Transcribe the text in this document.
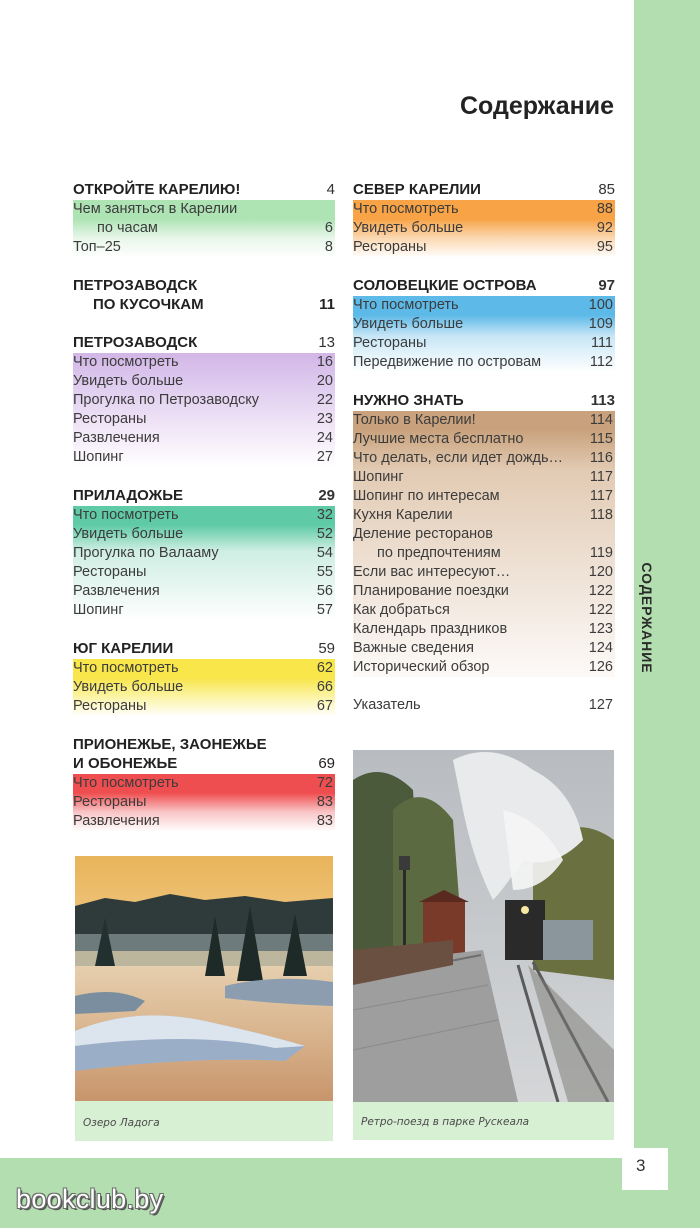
СОДЕРЖАНИЕ
3
bookclub.by
Содержание
ОТКРОЙТЕ КАРЕЛИЮ!	4
Чем заняться в Карелии
по часам	6
Топ–25	8
ПЕТРОЗАВОДСК
ПО КУСОЧКАМ	11
ПЕТРОЗАВОДСК	13
Что посмотреть	16
Увидеть больше	20
Прогулка по Петрозаводску	22
Рестораны	23
Развлечения	24
Шопинг	27
ПРИЛАДОЖЬЕ	29
Что посмотреть	32
Увидеть больше	52
Прогулка по Валааму	54
Рестораны	55
Развлечения	56
Шопинг	57
ЮГ КАРЕЛИИ	59
Что посмотреть	62
Увидеть больше	66
Рестораны	67
ПРИОНЕЖЬЕ, ЗАОНЕЖЬЕ
И ОБОНЕЖЬЕ	69
Что посмотреть	72
Рестораны	83
Развлечения	83
СЕВЕР КАРЕЛИИ	85
Что посмотреть	88
Увидеть больше	92
Рестораны	95
СОЛОВЕЦКИЕ ОСТРОВА	97
Что посмотреть	100
Увидеть больше	109
Рестораны	111
Передвижение по островам	112
НУЖНО ЗНАТЬ	113
Только в Карелии!	114
Лучшие места бесплатно	115
Что делать, если идет дождь… 116
Шопинг	117
Шопинг по интересам	117
Кухня Карелии	118
Деление ресторанов
по предпочтениям	119
Если вас интересуют…	120
Планирование поездки	122
Как добраться	122
Календарь праздников	123
Важные сведения	124
Исторический обзор	126
Указатель	127
Озеро Ладога	Ретро-поезд в парке Рускеала
